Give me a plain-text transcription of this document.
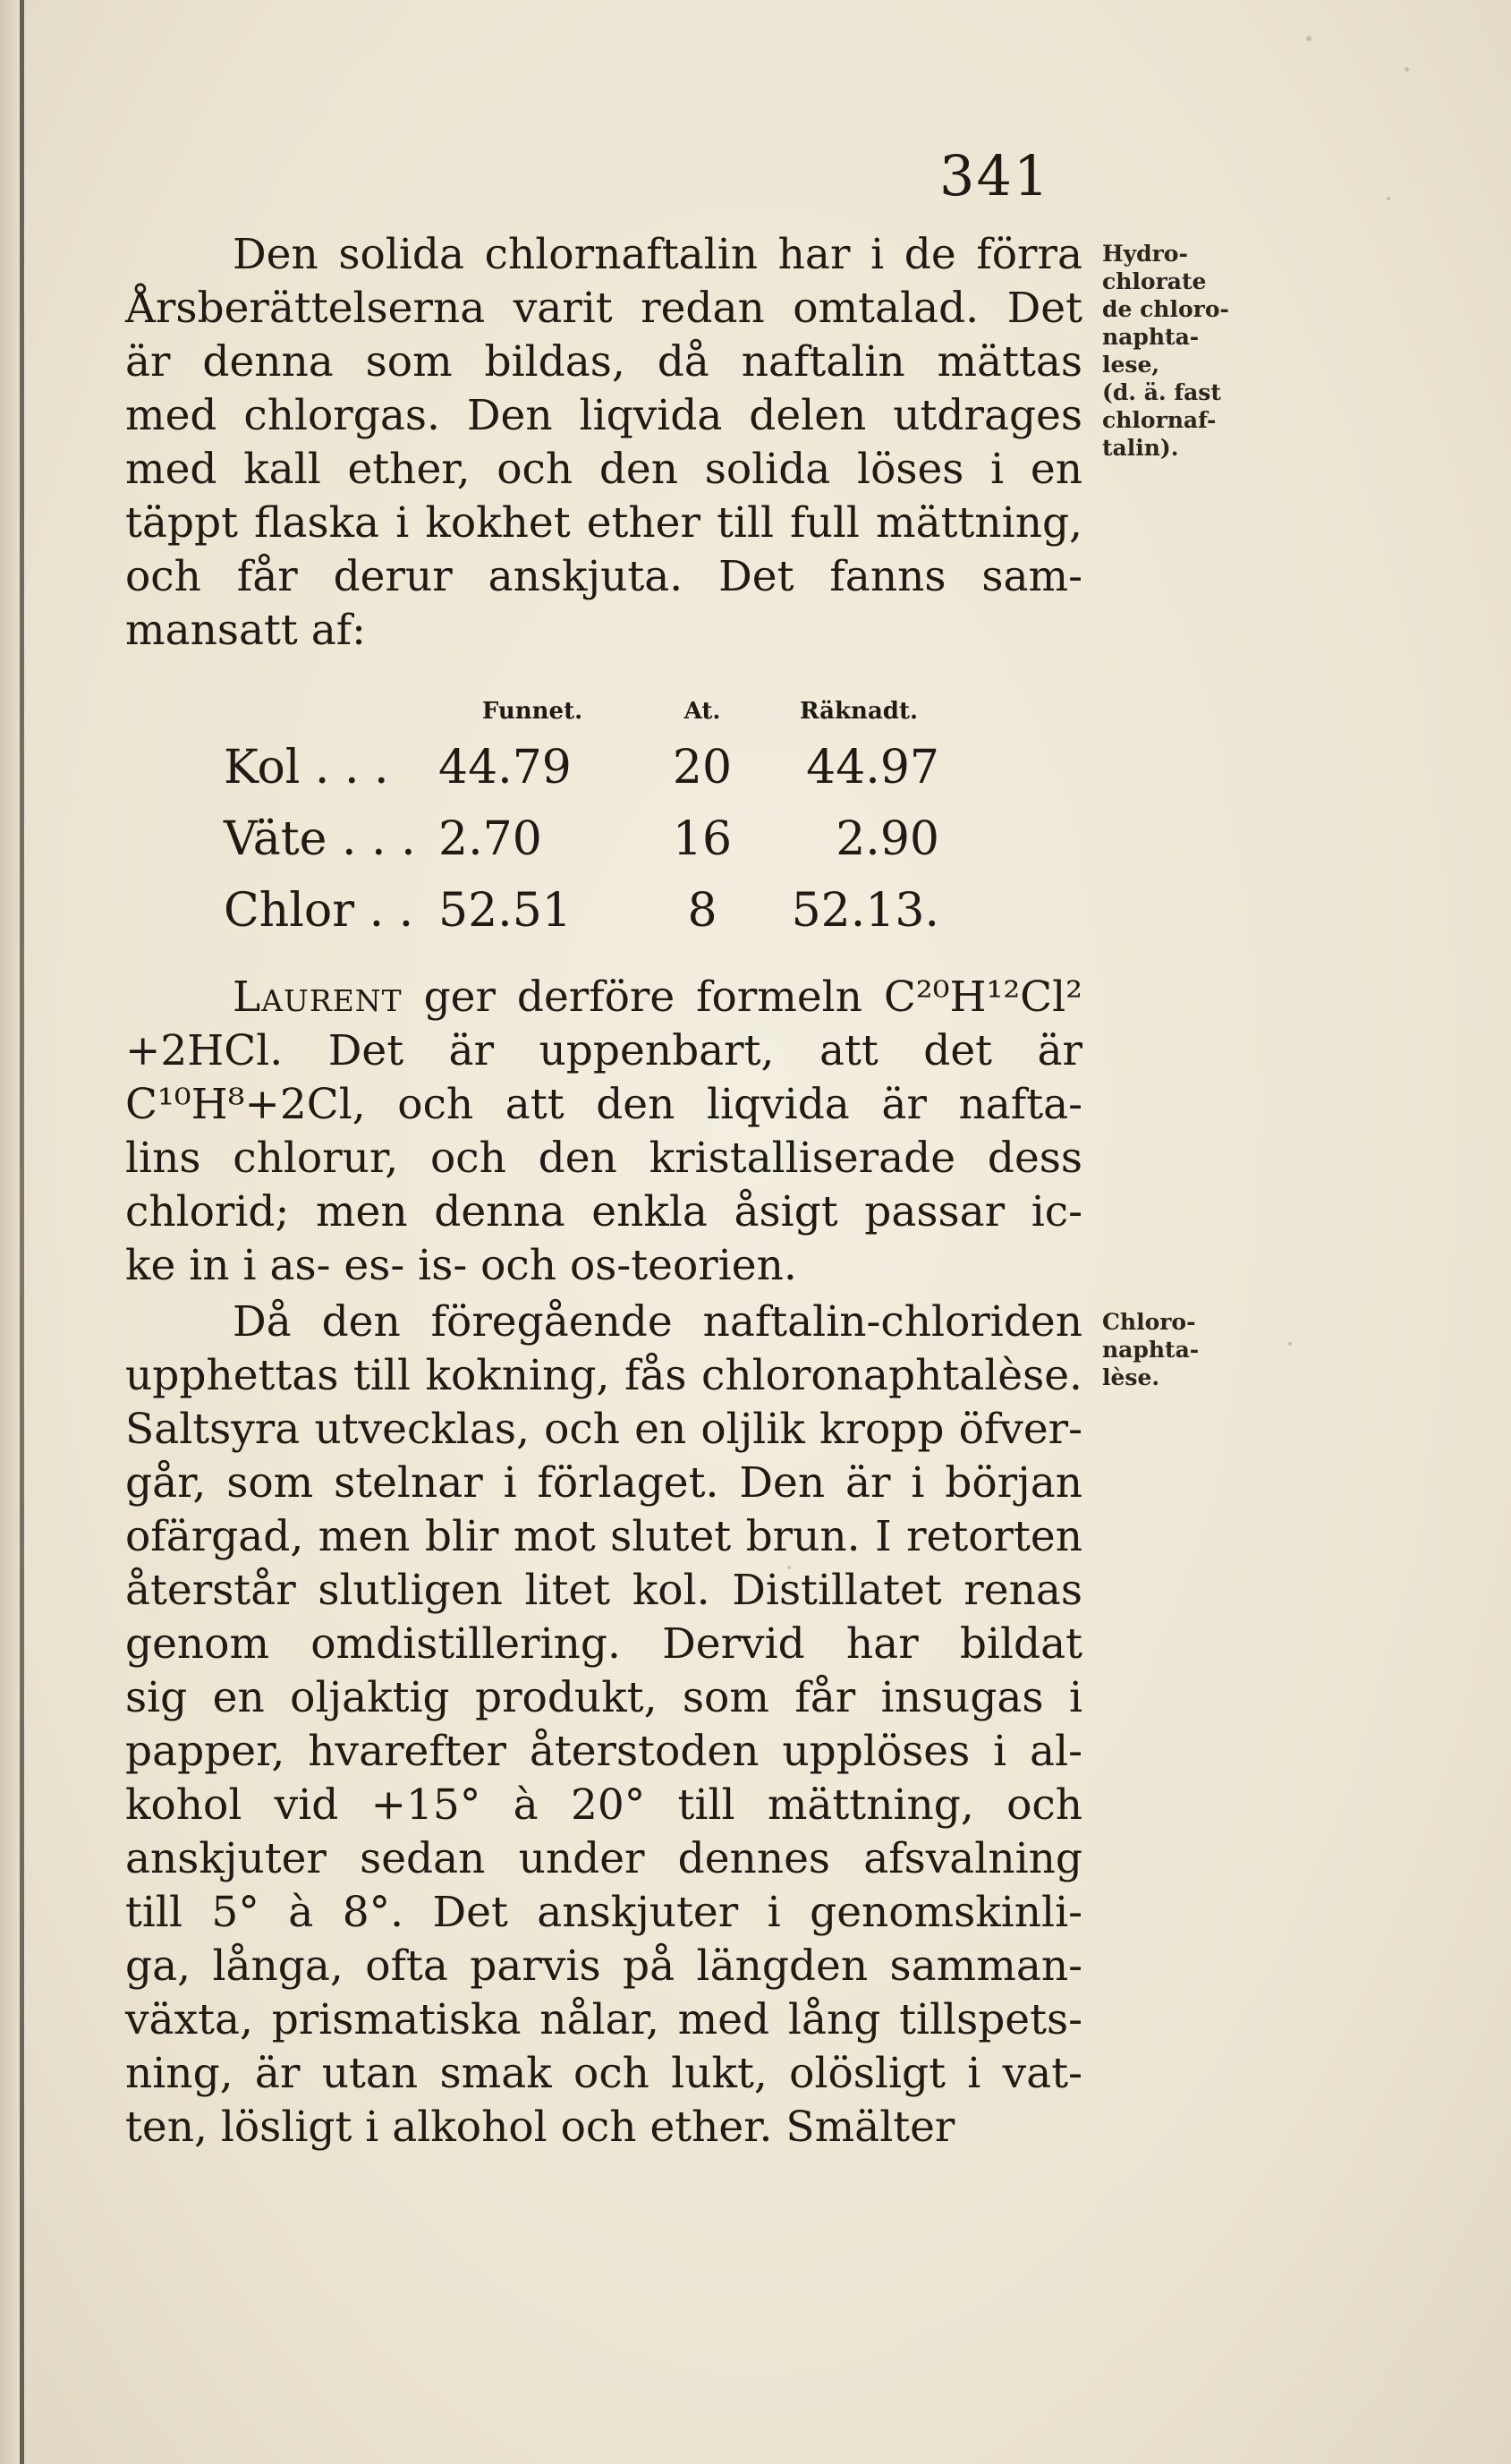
341
Den solida chlornaftalin har i de förra
Årsberättelserna varit redan omtalad. Det
är denna som bildas, då naftalin mättas
med chlorgas. Den liqvida delen utdrages
med kall ether, och den solida löses i en
täppt flaska i kokhet ether till full mättning,
och får derur anskjuta. Det fanns sam-
mansatt af:
Hydro-
chlorate
de chloro-
naphta-
lese,
(d. ä. fast
chlornaf-
talin).
	Funnet.	At.	Räknadt.
Kol . . .	44.79	20	44.97
Väte . . .	2.70	16	2.90
Chlor . .	52.51	8	52.13.
Laurent ger derföre formeln C²⁰H¹²Cl²
+2HCl. Det är uppenbart, att det är
C¹⁰H⁸+2Cl, och att den liqvida är nafta-
lins chlorur, och den kristalliserade dess
chlorid; men denna enkla åsigt passar ic-
ke in i as- es- is- och os-teorien.
Då den föregående naftalin-chloriden
upphettas till kokning, fås chloronaphtalèse.
Saltsyra utvecklas, och en oljlik kropp öfver-
går, som stelnar i förlaget. Den är i början
ofärgad, men blir mot slutet brun. I retorten
återstår slutligen litet kol. Distillatet renas
genom omdistillering. Dervid har bildat
sig en oljaktig produkt, som får insugas i
papper, hvarefter återstoden upplöses i al-
kohol vid +15° à 20° till mättning, och
anskjuter sedan under dennes afsvalning
till 5° à 8°. Det anskjuter i genomskinli-
ga, långa, ofta parvis på längden samman-
växta, prismatiska nålar, med lång tillspets-
ning, är utan smak och lukt, olösligt i vat-
ten, lösligt i alkohol och ether. Smälter
Chloro-
naphta-
lèse.
